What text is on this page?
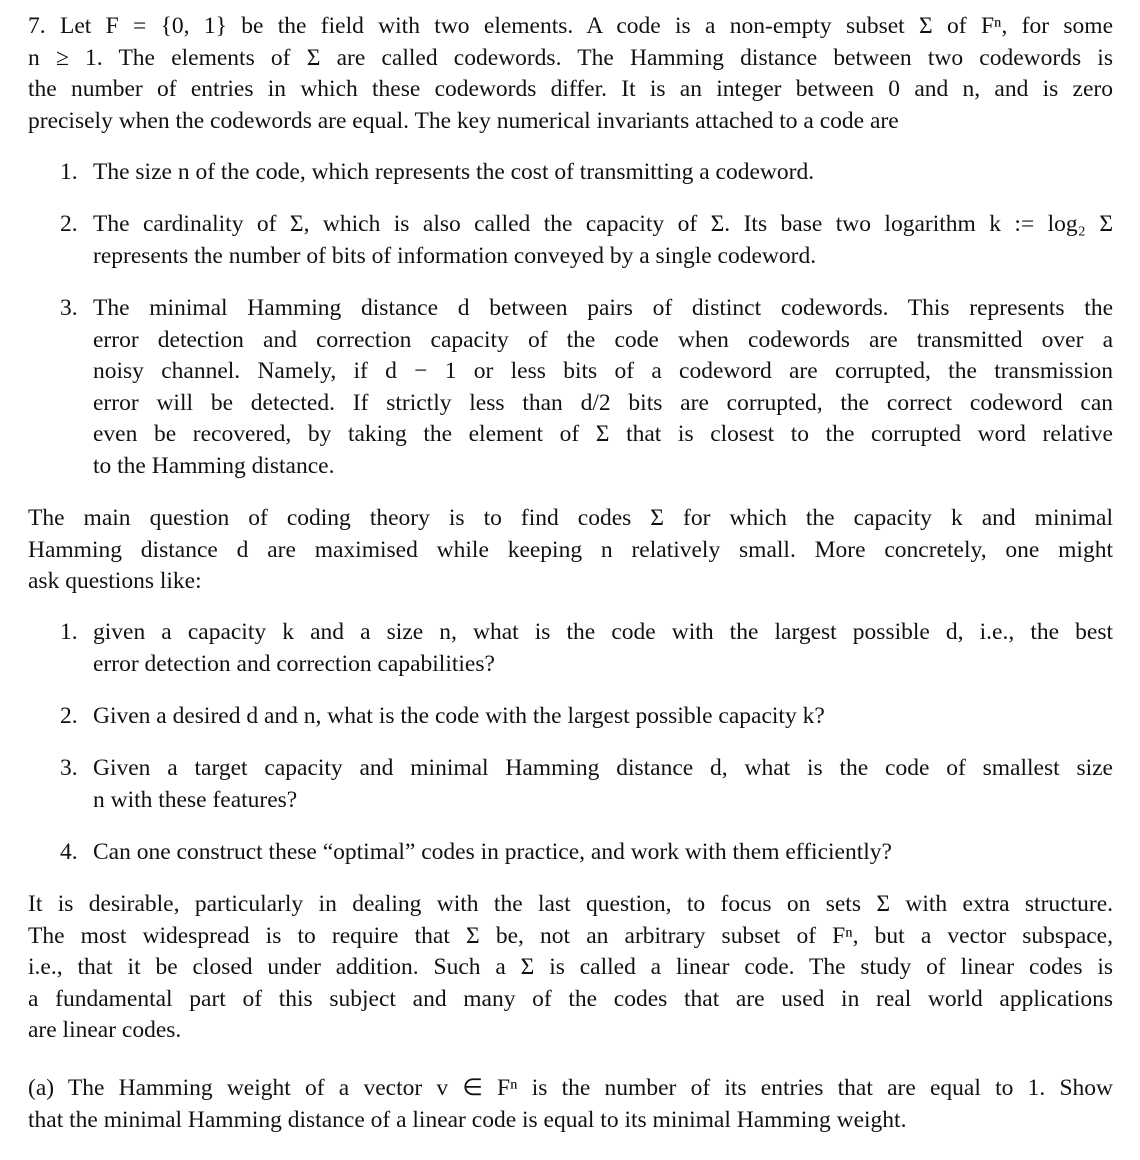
7. Let F = {0, 1} be the field with two elements. A code is a non-empty subset Σ of Fⁿ, for some
n ≥ 1. The elements of Σ are called codewords. The Hamming distance between two codewords is
the number of entries in which these codewords differ. It is an integer between 0 and n, and is zero
precisely when the codewords are equal. The key numerical invariants attached to a code are
1. The size n of the code, which represents the cost of transmitting a codeword.
2. The cardinality of Σ, which is also called the capacity of Σ. Its base two logarithm k := log₂ Σ
represents the number of bits of information conveyed by a single codeword.
3. The minimal Hamming distance d between pairs of distinct codewords. This represents the
error detection and correction capacity of the code when codewords are transmitted over a
noisy channel. Namely, if d − 1 or less bits of a codeword are corrupted, the transmission
error will be detected. If strictly less than d/2 bits are corrupted, the correct codeword can
even be recovered, by taking the element of Σ that is closest to the corrupted word relative
to the Hamming distance.
The main question of coding theory is to find codes Σ for which the capacity k and minimal
Hamming distance d are maximised while keeping n relatively small. More concretely, one might
ask questions like:
1. given a capacity k and a size n, what is the code with the largest possible d, i.e., the best
error detection and correction capabilities?
2. Given a desired d and n, what is the code with the largest possible capacity k?
3. Given a target capacity and minimal Hamming distance d, what is the code of smallest size
n with these features?
4. Can one construct these “optimal” codes in practice, and work with them efficiently?
It is desirable, particularly in dealing with the last question, to focus on sets Σ with extra structure.
The most widespread is to require that Σ be, not an arbitrary subset of Fⁿ, but a vector subspace,
i.e., that it be closed under addition. Such a Σ is called a linear code. The study of linear codes is
a fundamental part of this subject and many of the codes that are used in real world applications
are linear codes.
(a) The Hamming weight of a vector v ∈ Fⁿ is the number of its entries that are equal to 1. Show
that the minimal Hamming distance of a linear code is equal to its minimal Hamming weight.
